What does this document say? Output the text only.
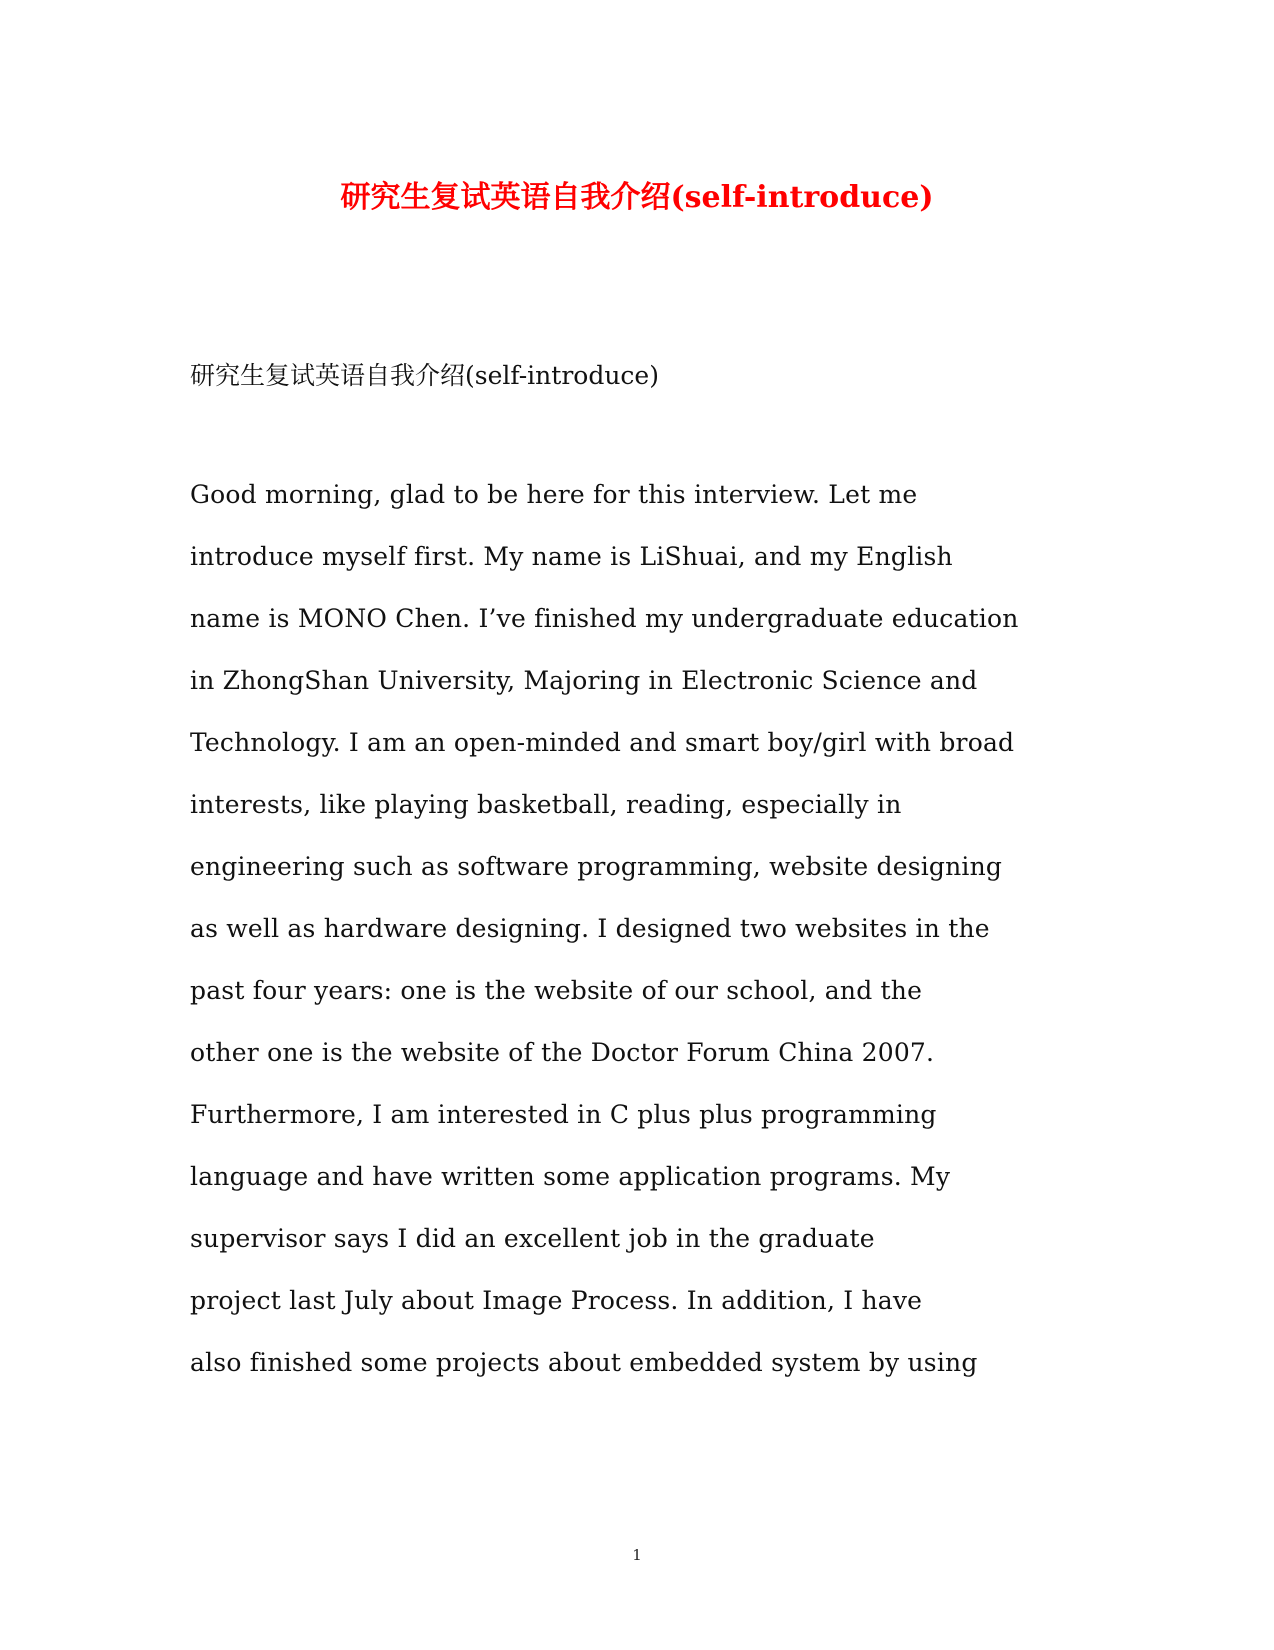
研究生复试英语自我介绍(self-introduce)
研究生复试英语自我介绍(self-introduce)
Good morning, glad to be here for this interview. Let me
introduce myself first. My name is LiShuai, and my English
name is MONO Chen. I’ve finished my undergraduate education
in ZhongShan University, Majoring in Electronic Science and
Technology. I am an open-minded and smart boy/girl with broad
interests, like playing basketball, reading, especially in
engineering such as software programming, website designing
as well as hardware designing. I designed two websites in the
past four years: one is the website of our school, and the
other one is the website of the Doctor Forum China 2007.
Furthermore, I am interested in C plus plus programming
language and have written some application programs. My
supervisor says I did an excellent job in the graduate
project last July about Image Process. In addition, I have
also finished some projects about embedded system by using
1
